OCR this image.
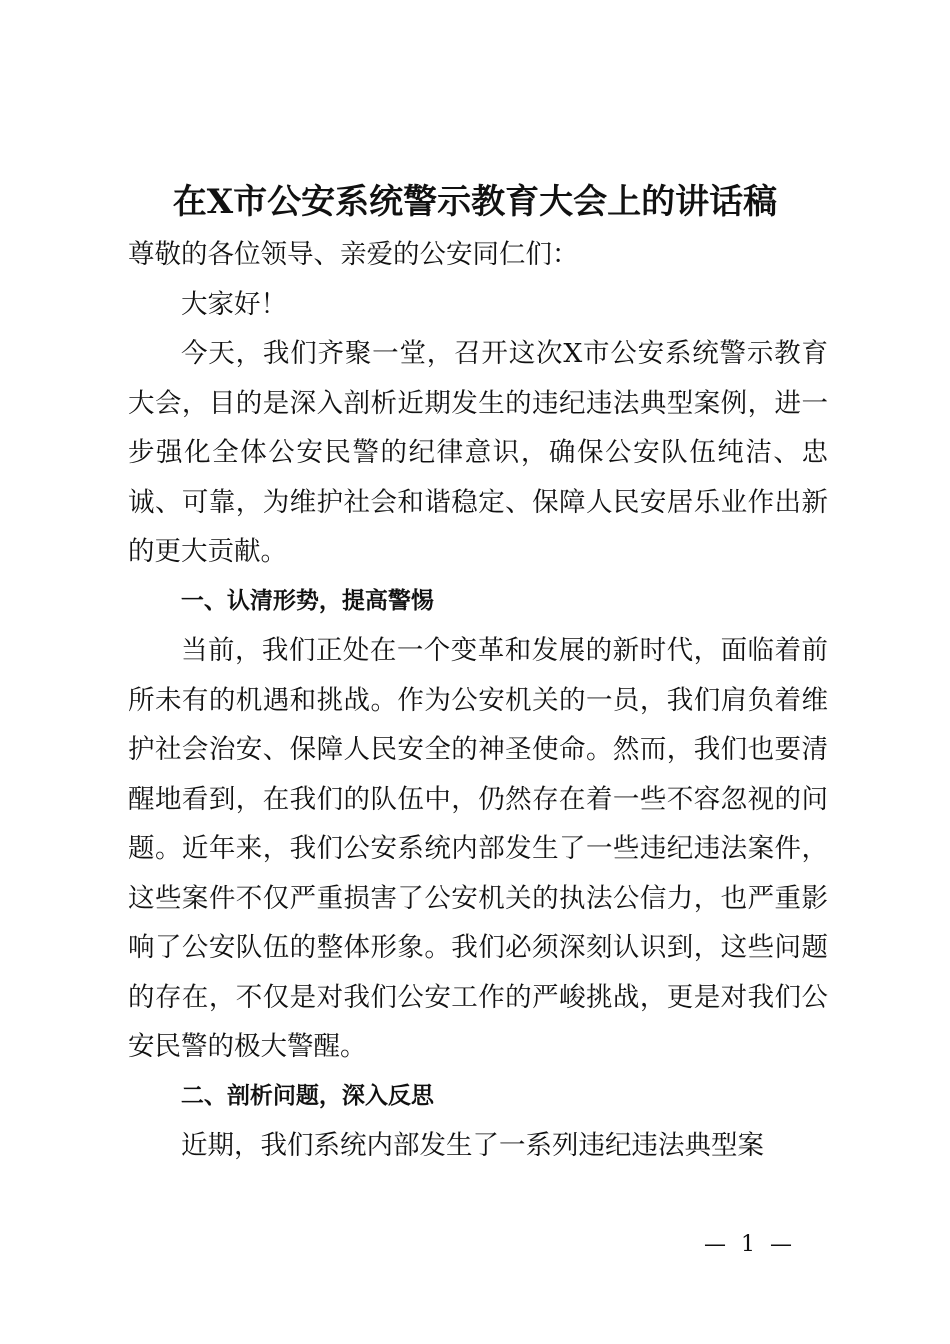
在X市公安系统警示教育大会上的讲话稿

尊敬的各位领导、亲爱的公安同仁们：

大家好！

今天，我们齐聚一堂，召开这次X市公安系统警示教育大会，目的是深入剖析近期发生的违纪违法典型案例，进一步强化全体公安民警的纪律意识，确保公安队伍纯洁、忠诚、可靠，为维护社会和谐稳定、保障人民安居乐业作出新的更大贡献。

一、认清形势，提高警惕

当前，我们正处在一个变革和发展的新时代，面临着前所未有的机遇和挑战。作为公安机关的一员，我们肩负着维护社会治安、保障人民安全的神圣使命。然而，我们也要清醒地看到，在我们的队伍中，仍然存在着一些不容忽视的问题。近年来，我们公安系统内部发生了一些违纪违法案件，这些案件不仅严重损害了公安机关的执法公信力，也严重影响了公安队伍的整体形象。我们必须深刻认识到，这些问题的存在，不仅是对我们公安工作的严峻挑战，更是对我们公安民警的极大警醒。

二、剖析问题，深入反思

近期，我们系统内部发生了一系列违纪违法典型案

— 1 —
